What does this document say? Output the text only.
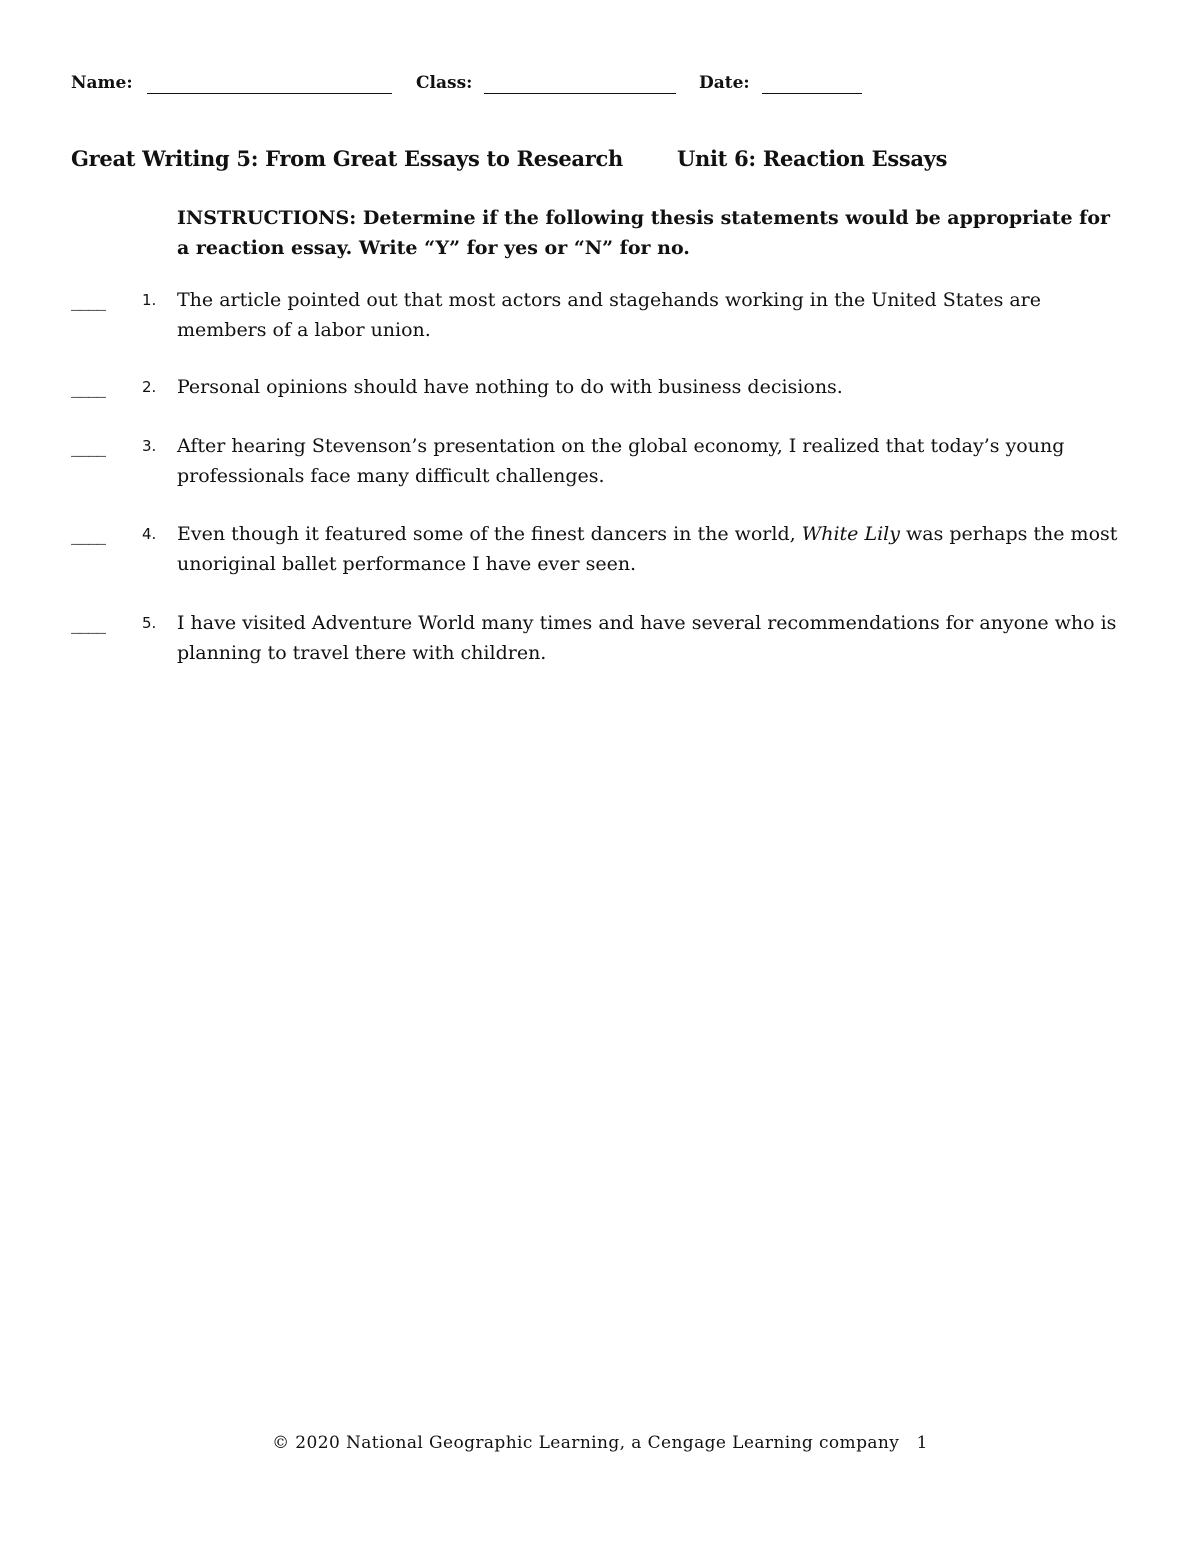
Name:	Class:	Date:
Great Writing 5: From Great Essays to Research	Unit 6: Reaction Essays
INSTRUCTIONS: Determine if the following thesis statements would be appropriate for a reaction essay. Write “Y” for yes or “N” for no.
____ 1. The article pointed out that most actors and stagehands working in the United States are members of a labor union.
____ 2. Personal opinions should have nothing to do with business decisions.
____ 3. After hearing Stevenson’s presentation on the global economy, I realized that today’s young professionals face many difficult challenges.
____ 4. Even though it featured some of the finest dancers in the world, White Lily was perhaps the most unoriginal ballet performance I have ever seen.
____ 5. I have visited Adventure World many times and have several recommendations for anyone who is planning to travel there with children.
© 2020 National Geographic Learning, a Cengage Learning company 1
